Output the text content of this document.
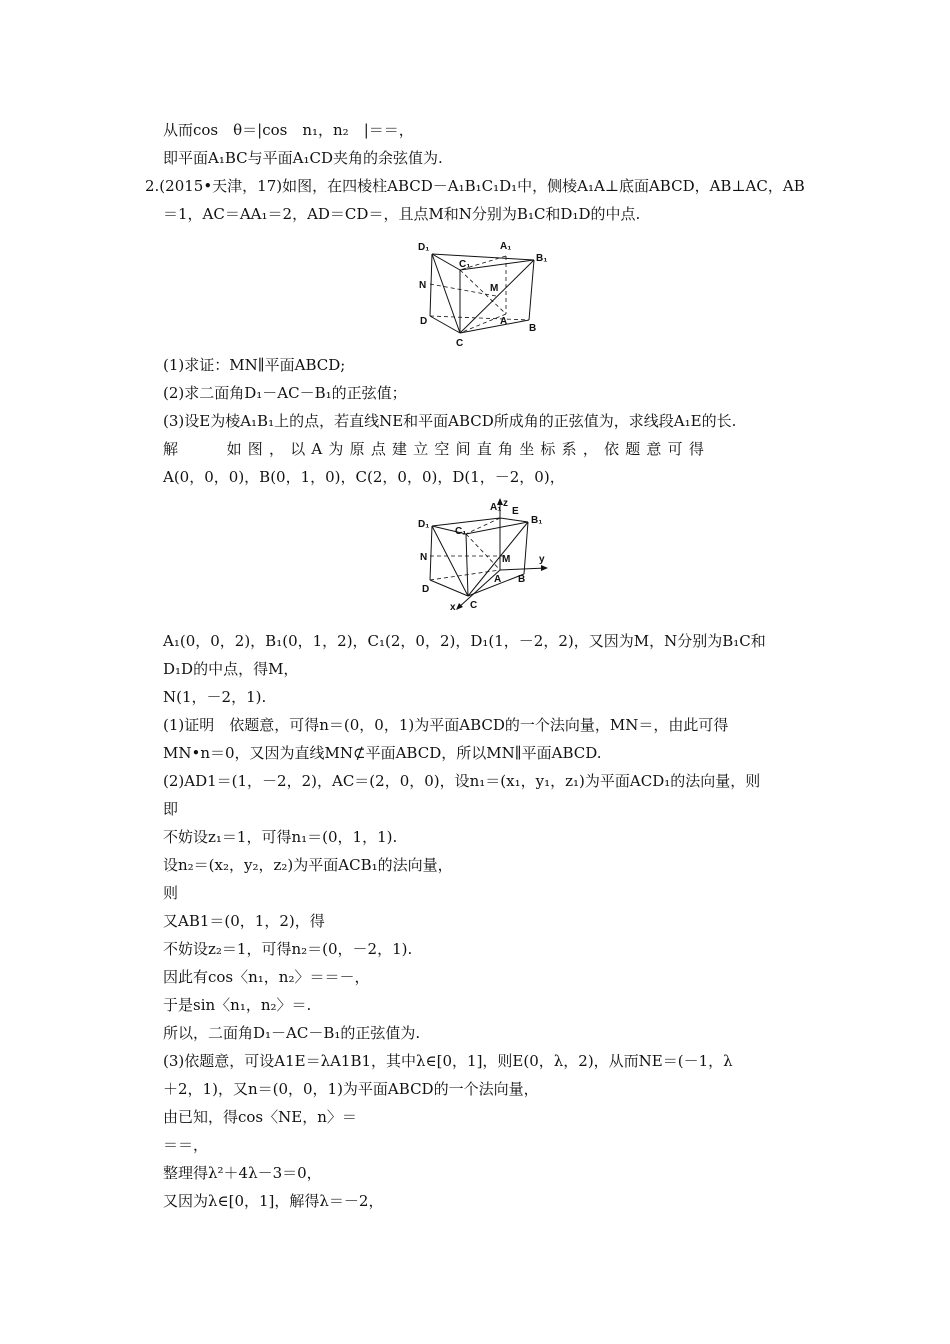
从而cos　θ＝|cos　n₁，n₂　|＝＝，
即平面A₁BC与平面A₁CD夹角的余弦值为.
2.(2015•天津，17)如图，在四棱柱ABCD－A₁B₁C₁D₁中，侧棱A₁A⊥底面ABCD，AB⊥AC，AB
＝1，AC＝AA₁＝2，AD＝CD＝，且点M和N分别为B₁C和D₁D的中点.
D₁	A₁
C₁
B₁
N	M
D	A
B
C
(1)求证：MN∥平面ABCD;
(2)求二面角D₁－AC－B₁的正弦值；
(3)设E为棱A₁B₁上的点，若直线NE和平面ABCD所成角的正弦值为，求线段A₁E的长.
解　　如图，以A为原点建立空间直角坐标系，依题意可得
A(0，0，0)，B(0，1，0)，C(2，0，0)，D(1，－2，0)，
A₁ z
E
B₁
D₁
C₁
N	M	y
A B
D
x C
A₁(0，0，2)，B₁(0，1，2)，C₁(2，0，2)，D₁(1，－2，2)，又因为M，N分别为B₁C和
D₁D的中点，得M，
N(1，－2，1).
(1)证明　依题意，可得n＝(0，0，1)为平面ABCD的一个法向量，MN＝，由此可得
MN•n＝0，又因为直线MN⊄平面ABCD，所以MN∥平面ABCD.
(2)AD1＝(1，－2，2)，AC＝(2，0，0)，设n₁＝(x₁，y₁，z₁)为平面ACD₁的法向量，则
即
不妨设z₁＝1，可得n₁＝(0，1，1).
设n₂＝(x₂，y₂，z₂)为平面ACB₁的法向量，
则
又AB1＝(0，1，2)，得
不妨设z₂＝1，可得n₂＝(0，－2，1).
因此有cos〈n₁，n₂〉＝＝－，
于是sin〈n₁，n₂〉＝.
所以，二面角D₁－AC－B₁的正弦值为.
(3)依题意，可设A1E＝λA1B1，其中λ∈[0，1]，则E(0，λ，2)，从而NE＝(－1，λ
＋2，1)，又n＝(0，0，1)为平面ABCD的一个法向量，
由已知，得cos〈NE，n〉＝
＝＝，
整理得λ²＋4λ－3＝0，
又因为λ∈[0，1]，解得λ＝－2，
